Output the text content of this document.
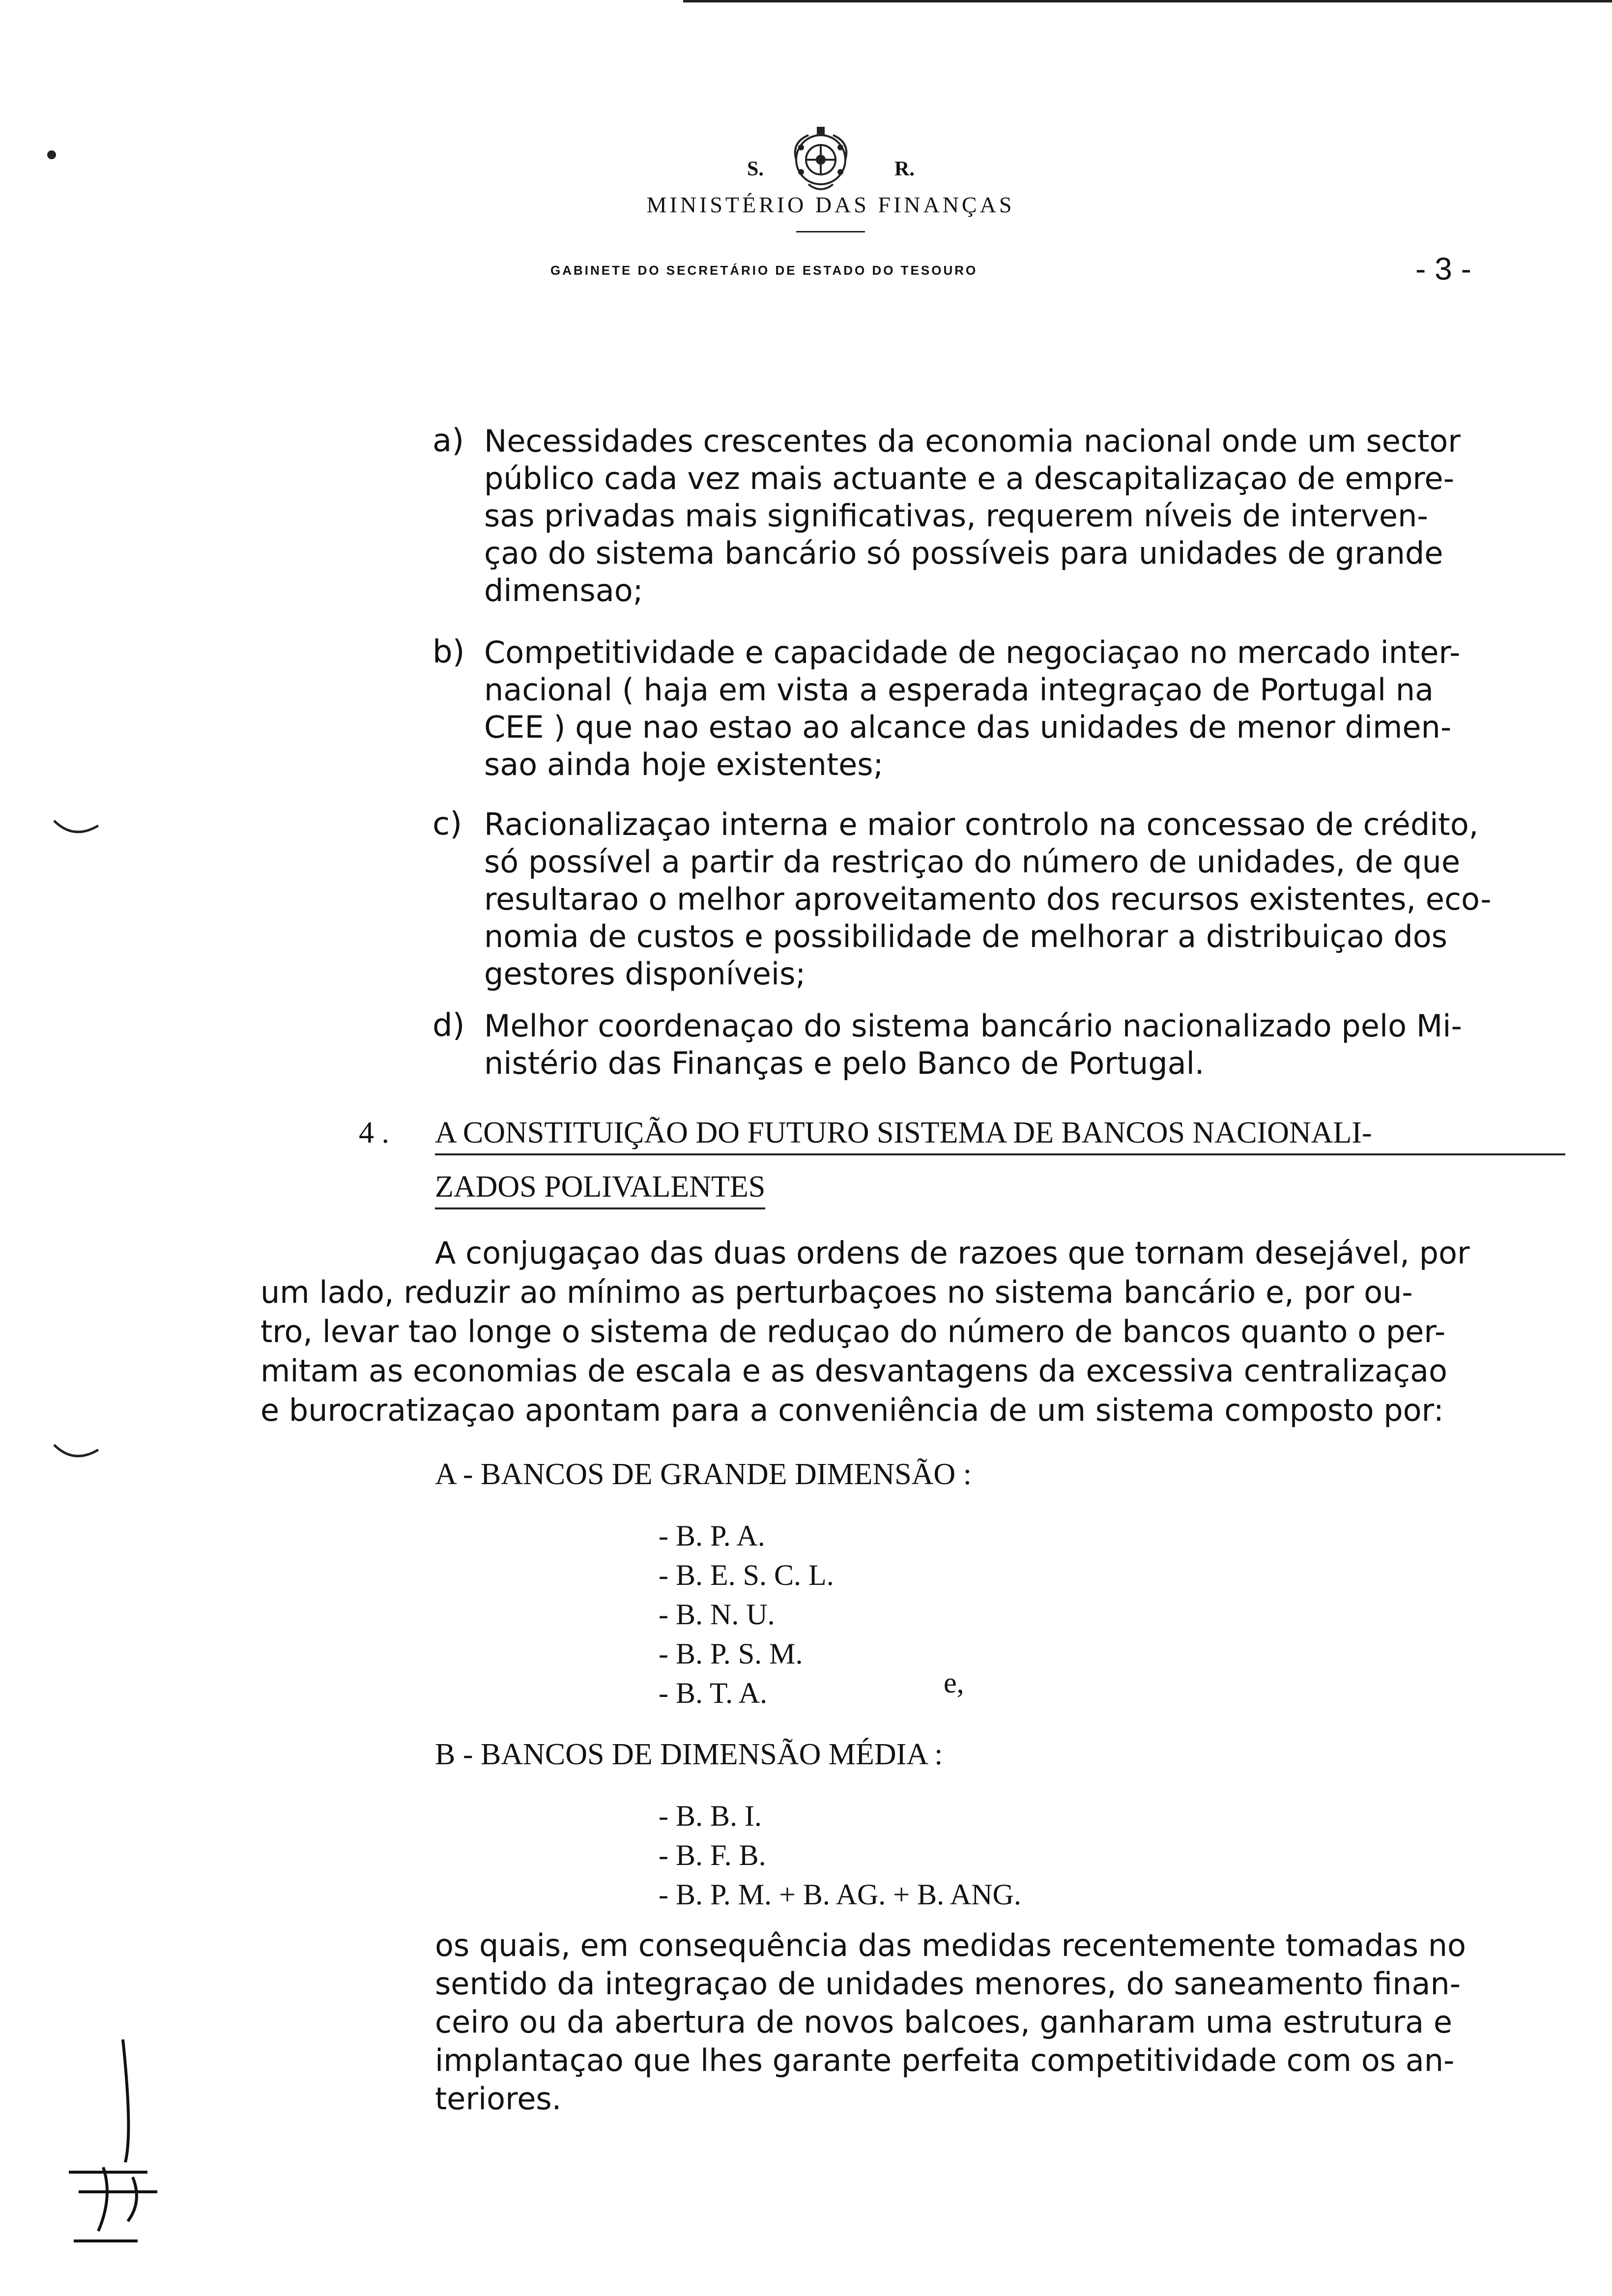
S.	R.
MINISTÉRIO DAS FINANÇAS
GABINETE DO SECRETÁRIO DE ESTADO DO TESOURO	- 3 -
a) Necessidades crescentes da economia nacional onde um sector
público cada vez mais actuante e a descapitalizaçao de empre-
sas privadas mais significativas, requerem níveis de interven-
çao do sistema bancário só possíveis para unidades de grande
dimensao;
b) Competitividade e capacidade de negociaçao no mercado inter-
nacional ( haja em vista a esperada integraçao de Portugal na
CEE ) que nao estao ao alcance das unidades de menor dimen-
sao ainda hoje existentes;
c) Racionalizaçao interna e maior controlo na concessao de crédito,
só possível a partir da restriçao do número de unidades, de que
resultarao o melhor aproveitamento dos recursos existentes, eco-
nomia de custos e possibilidade de melhorar a distribuiçao dos
gestores disponíveis;
d) Melhor coordenaçao do sistema bancário nacionalizado pelo Mi-
nistério das Finanças e pelo Banco de Portugal.
4 . A CONSTITUIÇÃO DO FUTURO SISTEMA DE BANCOS NACIONALI-
ZADOS POLIVALENTES
A conjugaçao das duas ordens de razoes que tornam desejável, por
um lado, reduzir ao mínimo as perturbaçoes no sistema bancário e, por ou-
tro, levar tao longe o sistema de reduçao do número de bancos quanto o per-
mitam as economias de escala e as desvantagens da excessiva centralizaçao
e burocratizaçao apontam para a conveniência de um sistema composto por:
A - BANCOS DE GRANDE DIMENSÃO :
- B. P. A.
- B. E. S. C. L.
- B. N. U.
- B. P. S. M.
- B. T. A.	e,
B - BANCOS DE DIMENSÃO MÉDIA :
- B. B. I.
- B. F. B.
- B. P. M. + B. AG. + B. ANG.
os quais, em consequência das medidas recentemente tomadas no
sentido da integraçao de unidades menores, do saneamento finan-
ceiro ou da abertura de novos balcoes, ganharam uma estrutura e
implantaçao que lhes garante perfeita competitividade com os an-
teriores.
